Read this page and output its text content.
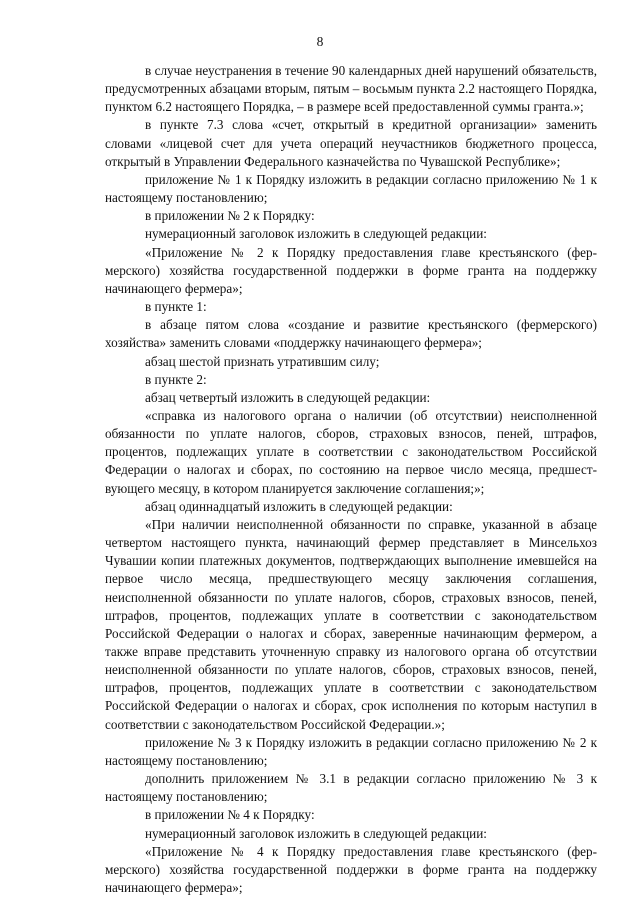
8

в случае неустранения в течение 90 календарных дней нарушений обязательств, предусмотренных абзацами вторым, пятым – восьмым пункта 2.2 настоящего Порядка, пунктом 6.2 настоящего Порядка, – в размере всей предоставленной суммы гранта.»;

в пункте 7.3 слова «счет, открытый в кредитной организации» заменить словами «лицевой счет для учета операций неучастников бюджетного процесса, открытый в Управлении Федерального казначейства по Чувашской Республике»;

приложение № 1 к Порядку изложить в редакции согласно приложению № 1 к настоящему постановлению;

в приложении № 2 к Порядку:

нумерационный заголовок изложить в следующей редакции:

«Приложение № 2 к Порядку предоставления главе крестьянского (фермерского) хозяйства государственной поддержки в форме гранта на поддержку начинающего фермера»;

в пункте 1:

в абзаце пятом слова «создание и развитие крестьянского (фермерского) хозяйства» заменить словами «поддержку начинающего фермера»;

абзац шестой признать утратившим силу;

в пункте 2:

абзац четвертый изложить в следующей редакции:

«справка из налогового органа о наличии (об отсутствии) неисполненной обязанности по уплате налогов, сборов, страховых взносов, пеней, штрафов, процентов, подлежащих уплате в соответствии с законодательством Российской Федерации о налогах и сборах, по состоянию на первое число месяца, предшествующего месяцу, в котором планируется заключение соглашения;»;

абзац одиннадцатый изложить в следующей редакции:

«При наличии неисполненной обязанности по справке, указанной в абзаце четвертом настоящего пункта, начинающий фермер представляет в Минсельхоз Чувашии копии платежных документов, подтверждающих выполнение имевшейся на первое число месяца, предшествующего месяцу заключения соглашения, неисполненной обязанности по уплате налогов, сборов, страховых взносов, пеней, штрафов, процентов, подлежащих уплате в соответствии с законодательством Российской Федерации о налогах и сборах, заверенные начинающим фермером, а также вправе представить уточненную справку из налогового органа об отсутствии неисполненной обязанности по уплате налогов, сборов, страховых взносов, пеней, штрафов, процентов, подлежащих уплате в соответствии с законодательством Российской Федерации о налогах и сборах, срок исполнения по которым наступил в соответствии с законодательством Российской Федерации.»;

приложение № 3 к Порядку изложить в редакции согласно приложению № 2 к настоящему постановлению;

дополнить приложением № 3.1 в редакции согласно приложению № 3 к настоящему постановлению;

в приложении № 4 к Порядку:

нумерационный заголовок изложить в следующей редакции:

«Приложение № 4 к Порядку предоставления главе крестьянского (фермерского) хозяйства государственной поддержки в форме гранта на поддержку начинающего фермера»;
